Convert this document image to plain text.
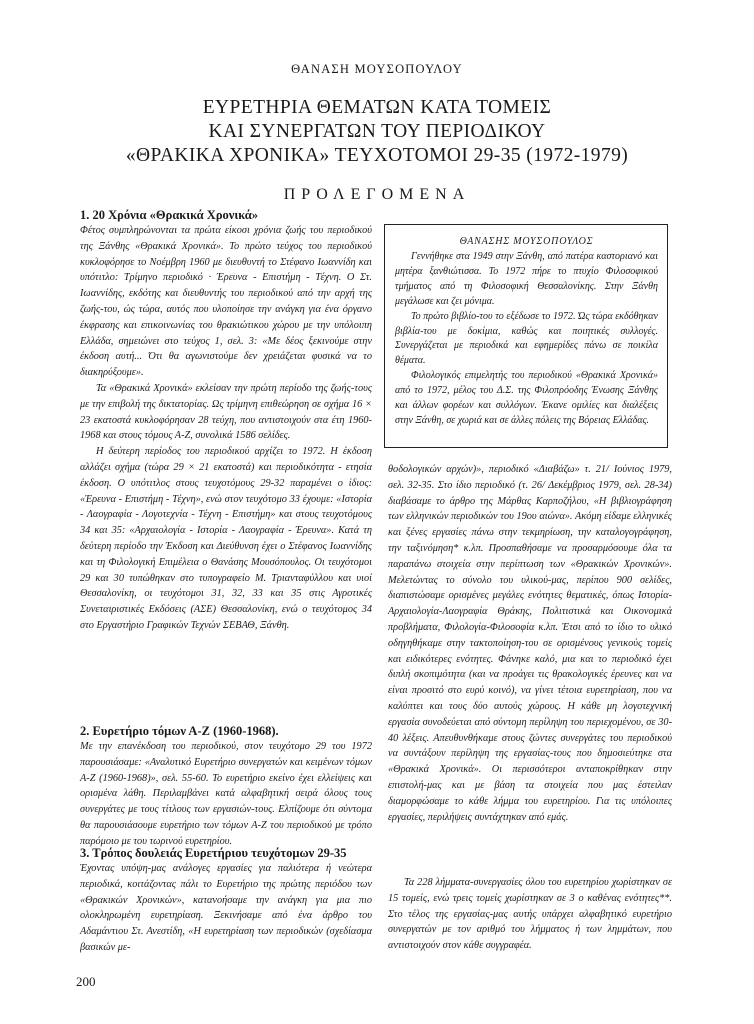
ΘΑΝΑΣΗ ΜΟΥΣΟΠΟΥΛΟΥ
ΕΥΡΕΤΗΡΙΑ ΘΕΜΑΤΩΝ ΚΑΤΑ ΤΟΜΕΙΣ
ΚΑΙ ΣΥΝΕΡΓΑΤΩΝ ΤΟΥ ΠΕΡΙΟΔΙΚΟΥ
«ΘΡΑΚΙΚΑ ΧΡΟΝΙΚΑ» ΤΕΥΧΟΤΟΜΟΙ 29-35 (1972-1979)
ΠΡΟΛΕΓΟΜΕΝΑ

1. 20 Χρόνια «Θρακικά Χρονικά»

Φέτος συμπληρώνονται τα πρώτα είκοσι χρόνια ζωής του περιοδικού της Ξάνθης «Θρακικά Χρονικά». Το πρώτο τεύχος του περιοδικού κυκλοφόρησε το Νοέμβρη 1960 με διευθυντή το Στέφανο Ιωαννίδη και υπότιτλο: Τρίμηνο περιοδικό · Έρευνα - Επιστήμη - Τέχνη. Ο Στ. Ιωαννίδης, εκδότης και διευθυντής του περιοδικού από την αρχή της ζωής-του, ώς τώρα, αυτός που υλοποίησε την ανάγκη για ένα όργανο έκφρασης και επικοινωνίας του θρακιώτικου χώρου με την υπόλοιπη Ελλάδα, σημειώνει στο τεύχος 1, σελ. 3: «Με δέος ξεκινούμε στην έκδοση αυτή... Ότι θα αγωνιστούμε δεν χρειάζεται φυσικά να το διακηρύξουμε».

Τα «Θρακικά Χρονικά» εκλείσαν την πρώτη περίοδο της ζωής-τους με την επιβολή της δικτατορίας. Ως τρίμηνη επιθεώρηση σε σχήμα 16 × 23 εκατοστά κυκλοφόρησαν 28 τεύχη, που αντιστοιχούν στα έτη 1960-1968 και στους τόμους Α-Ζ, συνολικά 1586 σελίδες.

Η δεύτερη περίοδος του περιοδικού αρχίζει το 1972. Η έκδοση αλλάζει σχήμα (τώρα 29 × 21 εκατοστά) και περιοδικότητα - ετησία έκδοση. Ο υπότιτλος στους τευχοτόμους 29-32 παραμένει ο ίδιος: «Έρευνα - Επιστήμη - Τέχνη», ενώ στον τευχότομο 33 έχουμε: «Ιστορία - Λαογραφία - Λογοτεχνία - Τέχνη - Επιστήμη» και στους τευχοτόμους 34 και 35: «Αρχαιολογία - Ιστορία - Λαογραφία - Έρευνα». Κατά τη δεύτερη περίοδο την Έκδοση και Διεύθυνση έχει ο Στέφανος Ιωαννίδης και τη Φιλολογική Επιμέλεια ο Θανάσης Μουσόπουλος. Οι τευχότομοι 29 και 30 τυπώθηκαν στο τυπογραφείο Μ. Τριανταφύλλου και υιοί Θεσσαλονίκη, οι τευχότομοι 31, 32, 33 και 35 στις Αγροτικές Συνεταιριστικές Εκδόσεις (ΑΣΕ) Θεσσαλονίκη, ενώ ο τευχότομος 34 στο Εργαστήριο Γραφικών Τεχνών ΣΕΒΑΘ, Ξάνθη.

2. Ευρετήριο τόμων Α-Ζ (1960-1968).

Με την επανέκδοση του περιοδικού, στον τευχότομο 29 του 1972 παρουσιάσαμε: «Αναλυτικό Ευρετήριο συνεργατών και κειμένων τόμων Α-Ζ (1960-1968)», σελ. 55-60. Το ευρετήριο εκείνο έχει ελλείψεις και ορισμένα λάθη. Περιλαμβάνει κατά αλφαβητική σειρά όλους τους συνεργάτες με τους τίτλους των εργασιών-τους. Ελπίζουμε ότι σύντομα θα παρουσιάσουμε ευρετήριο των τόμων Α-Ζ του περιοδικού με τρόπο παρόμοιο με του τωρινού ευρετηρίου.

3. Τρόπος δουλειάς Ευρετήριου τευχότομων 29-35

Έχοντας υπόψη-μας ανάλογες εργασίες για παλιότερα ή νεώτερα περιοδικά, κοιτάζοντας πάλι το Ευρετήριο της πρώτης περιόδου των «Θρακικών Χρονικών», κατανοήσαμε την ανάγκη για μια πιο ολοκληρωμένη ευρετηρίαση. Ξεκινήσαμε από ένα άρθρο του Αδαμάντιου Στ. Ανεστίδη, «Η ευρετηρίαση των περιοδικών (σχεδίασμα βασικών με-

ΘΑΝΑΣΗΣ ΜΟΥΣΟΠΟΥΛΟΣ

Γεννήθηκε στα 1949 στην Ξάνθη, από πατέρα καστοριανό και μητέρα ξανθιώτισσα. Το 1972 πήρε το πτυχίο Φιλοσοφικού τμήματος από τη Φιλοσοφική Θεσσαλονίκης. Στην Ξάνθη μεγάλωσε και ζει μόνιμα.

Το πρώτο βιβλίο-του το εξέδωσε το 1972. Ώς τώρα εκδόθηκαν βιβλία-του με δοκίμια, καθώς και ποιητικές συλλογές. Συνεργάζεται με περιοδικά και εφημερίδες πάνω σε ποικίλα θέματα.

Φιλολογικός επιμελητής του περιοδικού «Θρακικά Χρονικά» από το 1972, μέλος του Δ.Σ. της Φιλοπρόοδης Ένωσης Ξάνθης και άλλων φορέων και συλλόγων. Έκανε ομιλίες και διαλέξεις στην Ξάνθη, σε χωριά και σε άλλες πόλεις της Βόρειας Ελλάδας.

θοδολογικών αρχών)», περιοδικό «Διαβάζω» τ. 21/ Ιούνιος 1979, σελ. 32-35. Στο ίδιο περιοδικό (τ. 26/ Δεκέμβριος 1979, σελ. 28-34) διαβάσαμε το άρθρο της Μάρθας Καρποζήλου, «Η βιβλιογράφηση των ελληνικών περιοδικών του 19ου αιώνα». Ακόμη είδαμε ελληνικές και ξένες εργασίες πάνω στην τεκμηρίωση, την καταλογογράφηση, την ταξινόμηση* κ.λπ. Προσπαθήσαμε να προσαρμόσουμε όλα τα παραπάνω στοιχεία στην περίπτωση των «Θρακικών Χρονικών». Μελετώντας το σύνολο του υλικού-μας, περίπου 900 σελίδες, διαπιστώσαμε ορισμένες μεγάλες ενότητες θεματικές, όπως Ιστορία-Αρχαιολογία-Λαογραφία Θράκης, Πολιτιστικά και Οικονομικά προβλήματα, Φιλολογία-Φιλοσοφία κ.λπ. Έτσι από το ίδιο το υλικό οδηγηθήκαμε στην τακτοποίηση-του σε ορισμένους γενικούς τομείς και ειδικότερες ενότητες. Φάνηκε καλό, μια και το περιοδικό έχει διπλή σκοπιμότητα (και να προάγει τις θρακολογικές έρευνες και να είναι προσιτό στο ευρύ κοινό), να γίνει τέτοια ευρετηρίαση, που να καλύπτει και τους δύο αυτούς χώρους. Η κάθε μη λογοτεχνική εργασία συνοδεύεται από σύντομη περίληψη του περιεχομένου, σε 30-40 λέξεις. Απευθυνθήκαμε στους ζώντες συνεργάτες του περιοδικού να συντάξουν περίληψη της εργασίας-τους που δημοσιεύτηκε στα «Θρακικά Χρονικά». Οι περισσότεροι ανταποκρίθηκαν στην επιστολή-μας και με βάση τα στοιχεία που μας έστειλαν διαμορφώσαμε το κάθε λήμμα του ευρετηρίου. Για τις υπόλοιπες εργασίες, περιλήψεις συντάχτηκαν από εμάς.

Τα 228 λήμματα-συνεργασίες όλου του ευρετηρίου χωρίστηκαν σε 15 τομείς, ενώ τρεις τομείς χωρίστηκαν σε 3 ο καθένας ενότητες**. Στο τέλος της εργασίας-μας αυτής υπάρχει αλφαβητικό ευρετήριο συνεργατών με τον αριθμό του λήμματος ή των λημμάτων, που αντιστοιχούν στον κάθε συγγραφέα.

200
